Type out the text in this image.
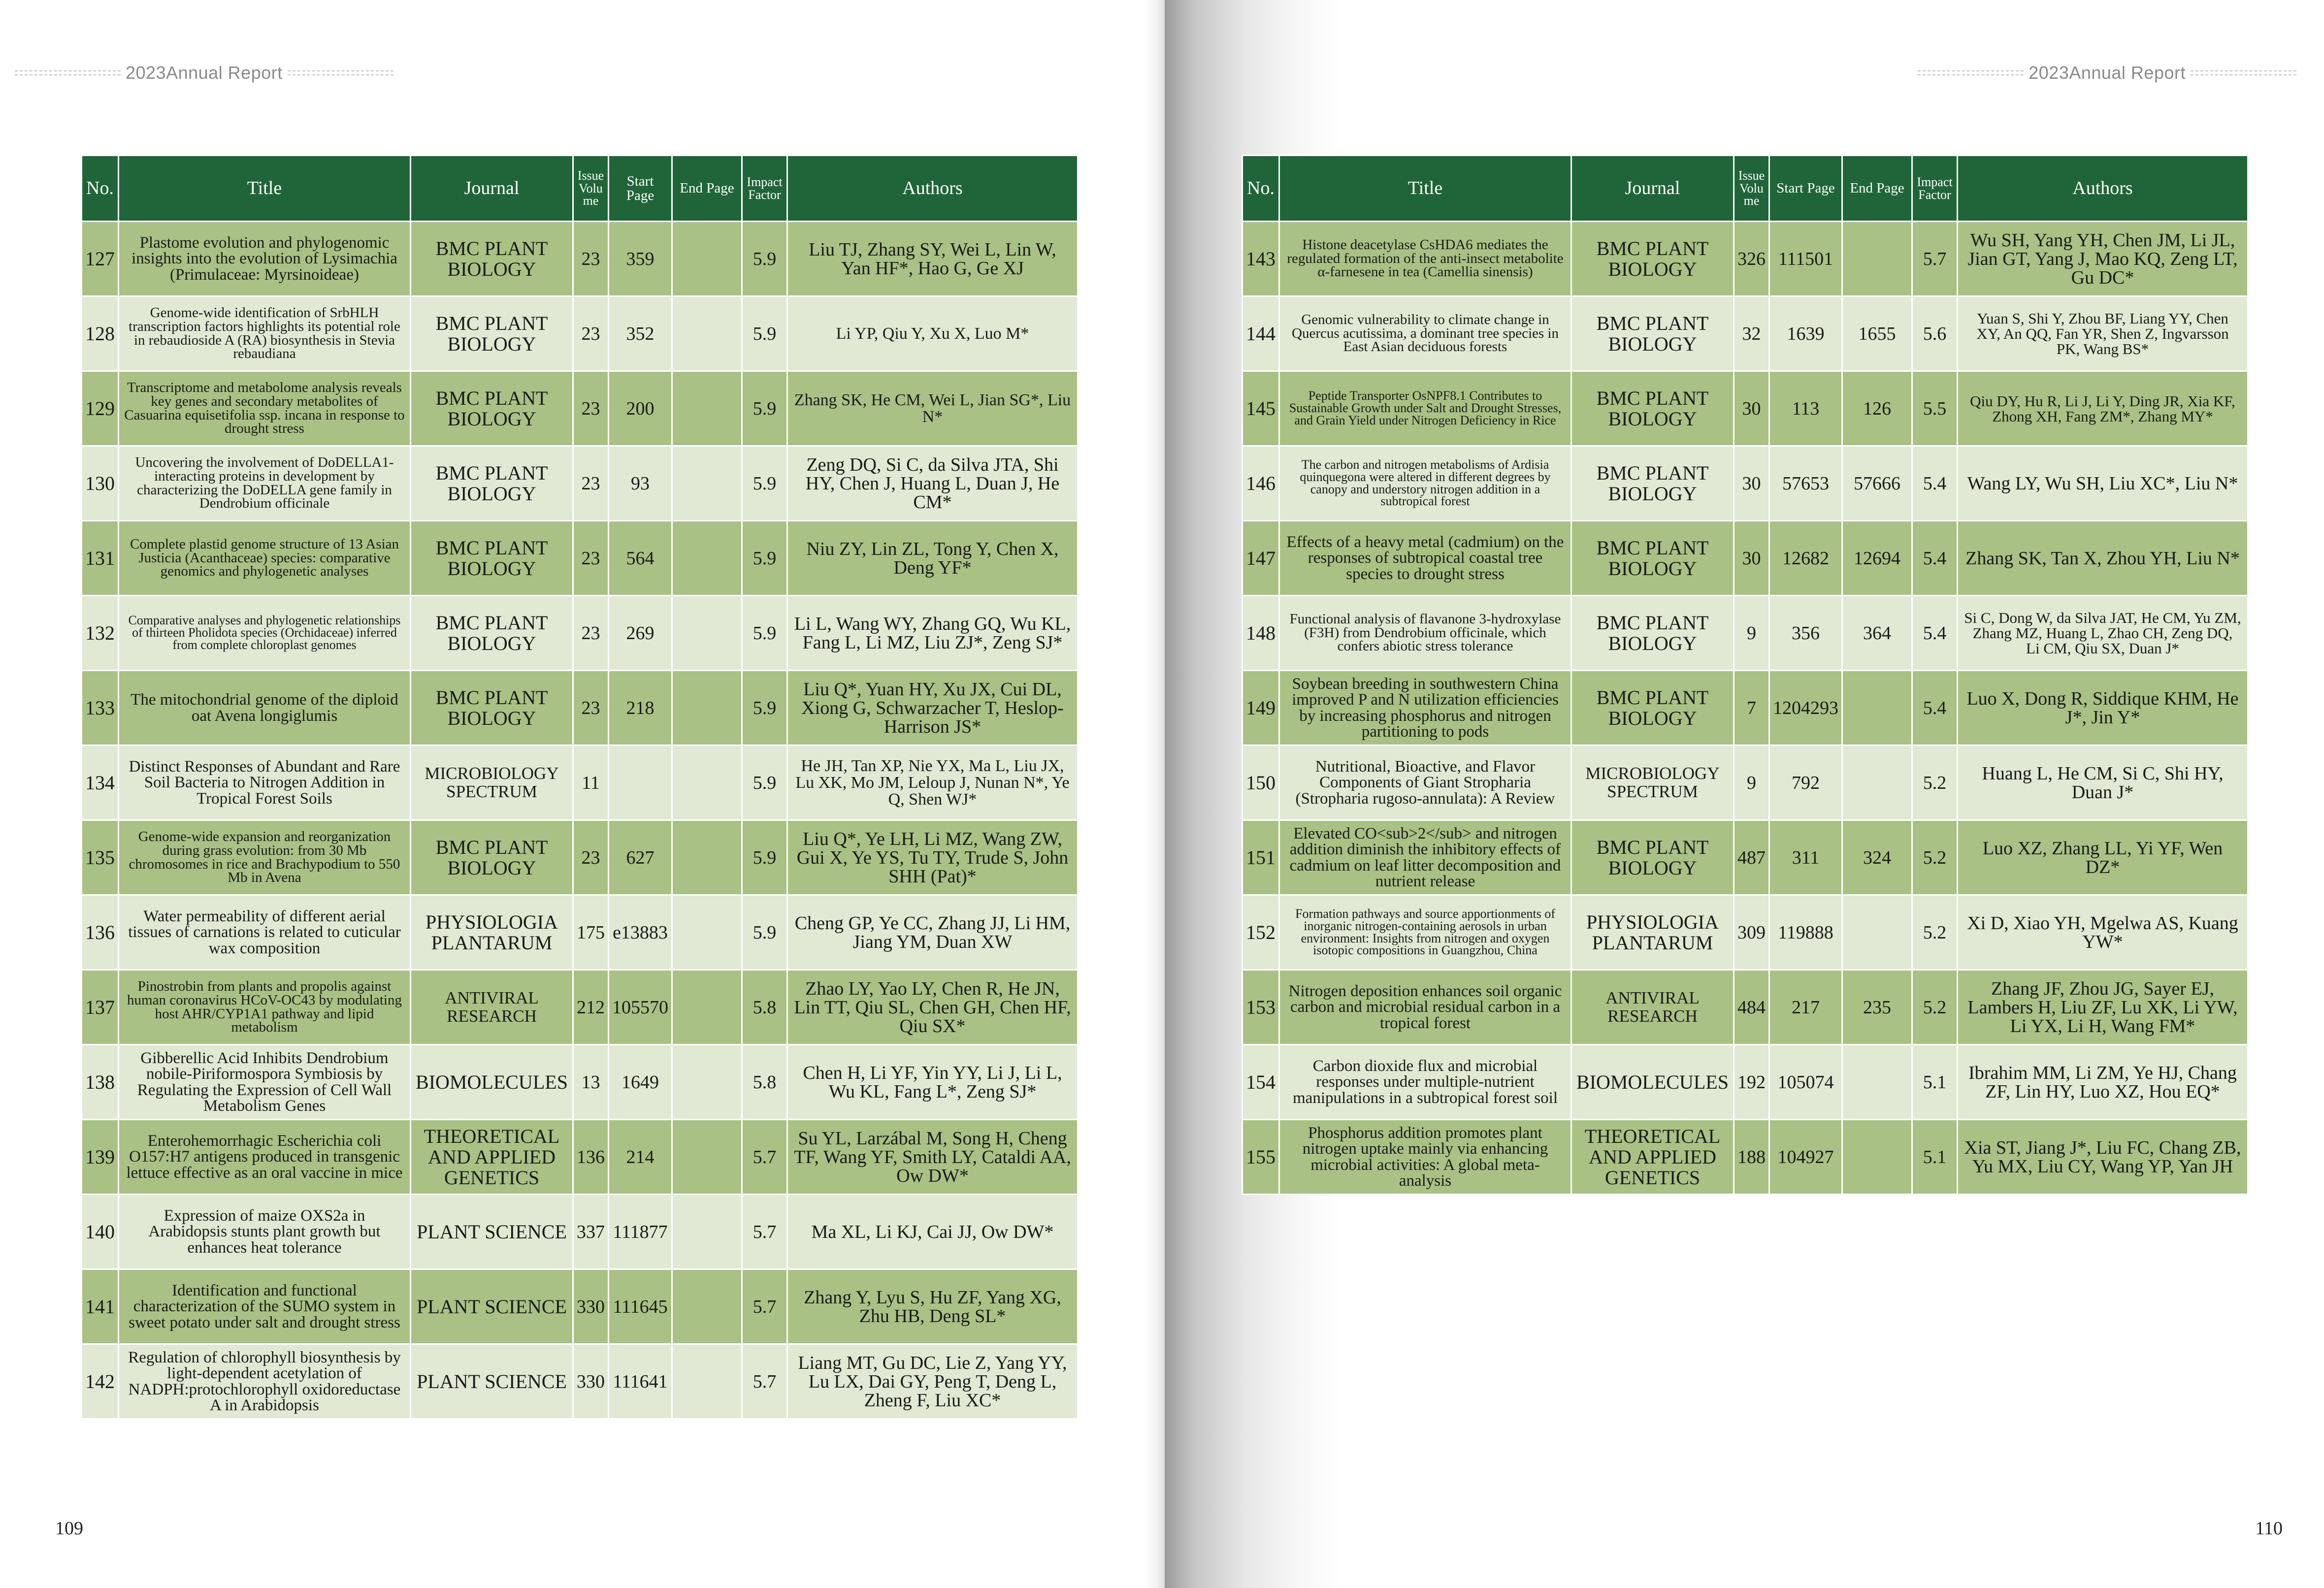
2023Annual Report
No.	Title	Journal	Issue Volu me	Start Page	End Page	Impact Factor	Authors
127	Plastome evolution and phylogenomic insights into the evolution of Lysimachia (Primulaceae: Myrsinoideae)	BMC PLANT BIOLOGY	23	359		5.9	Liu TJ, Zhang SY, Wei L, Lin W, Yan HF*, Hao G, Ge XJ
128	Genome-wide identification of SrbHLH transcription factors highlights its potential role in rebaudioside A (RA) biosynthesis in Stevia rebaudiana	BMC PLANT BIOLOGY	23	352		5.9	Li YP, Qiu Y, Xu X, Luo M*
129	Transcriptome and metabolome analysis reveals key genes and secondary metabolites of Casuarina equisetifolia ssp. incana in response to drought stress	BMC PLANT BIOLOGY	23	200		5.9	Zhang SK, He CM, Wei L, Jian SG*, Liu N*
130	Uncovering the involvement of DoDELLA1-interacting proteins in development by characterizing the DoDELLA gene family in Dendrobium officinale	BMC PLANT BIOLOGY	23	93		5.9	Zeng DQ, Si C, da Silva JTA, Shi HY, Chen J, Huang L, Duan J, He CM*
131	Complete plastid genome structure of 13 Asian Justicia (Acanthaceae) species: comparative genomics and phylogenetic analyses	BMC PLANT BIOLOGY	23	564		5.9	Niu ZY, Lin ZL, Tong Y, Chen X, Deng YF*
132	Comparative analyses and phylogenetic relationships of thirteen Pholidota species (Orchidaceae) inferred from complete chloroplast genomes	BMC PLANT BIOLOGY	23	269		5.9	Li L, Wang WY, Zhang GQ, Wu KL, Fang L, Li MZ, Liu ZJ*, Zeng SJ*
133	The mitochondrial genome of the diploid oat Avena longiglumis	BMC PLANT BIOLOGY	23	218		5.9	Liu Q*, Yuan HY, Xu JX, Cui DL, Xiong G, Schwarzacher T, Heslop-Harrison JS*
134	Distinct Responses of Abundant and Rare Soil Bacteria to Nitrogen Addition in Tropical Forest Soils	MICROBIOLOGY SPECTRUM	11			5.9	He JH, Tan XP, Nie YX, Ma L, Liu JX, Lu XK, Mo JM, Leloup J, Nunan N*, Ye Q, Shen WJ*
135	Genome-wide expansion and reorganization during grass evolution: from 30 Mb chromosomes in rice and Brachypodium to 550 Mb in Avena	BMC PLANT BIOLOGY	23	627		5.9	Liu Q*, Ye LH, Li MZ, Wang ZW, Gui X, Ye YS, Tu TY, Trude S, John SHH (Pat)*
136	Water permeability of different aerial tissues of carnations is related to cuticular wax composition	PHYSIOLOGIA PLANTARUM	175	e13883		5.9	Cheng GP, Ye CC, Zhang JJ, Li HM, Jiang YM, Duan XW
137	Pinostrobin from plants and propolis against human coronavirus HCoV-OC43 by modulating host AHR/CYP1A1 pathway and lipid metabolism	ANTIVIRAL RESEARCH	212	105570		5.8	Zhao LY, Yao LY, Chen R, He JN, Lin TT, Qiu SL, Chen GH, Chen HF, Qiu SX*
138	Gibberellic Acid Inhibits Dendrobium nobile-Piriformospora Symbiosis by Regulating the Expression of Cell Wall Metabolism Genes	BIOMOLECULES	13	1649		5.8	Chen H, Li YF, Yin YY, Li J, Li L, Wu KL, Fang L*, Zeng SJ*
139	Enterohemorrhagic Escherichia coli O157:H7 antigens produced in transgenic lettuce effective as an oral vaccine in mice	THEORETICAL AND APPLIED GENETICS	136	214		5.7	Su YL, Larzábal M, Song H, Cheng TF, Wang YF, Smith LY, Cataldi AA, Ow DW*
140	Expression of maize OXS2a in Arabidopsis stunts plant growth but enhances heat tolerance	PLANT SCIENCE	337	111877		5.7	Ma XL, Li KJ, Cai JJ, Ow DW*
141	Identification and functional characterization of the SUMO system in sweet potato under salt and drought stress	PLANT SCIENCE	330	111645		5.7	Zhang Y, Lyu S, Hu ZF, Yang XG, Zhu HB, Deng SL*
142	Regulation of chlorophyll biosynthesis by light-dependent acetylation of NADPH:protochlorophyll oxidoreductase A in Arabidopsis	PLANT SCIENCE	330	111641		5.7	Liang MT, Gu DC, Lie Z, Yang YY, Lu LX, Dai GY, Peng T, Deng L, Zheng F, Liu XC*
109
2023Annual Report
No.	Title	Journal	Issue Volu me	Start Page	End Page	Impact Factor	Authors
143	Histone deacetylase CsHDA6 mediates the regulated formation of the anti-insect metabolite α-farnesene in tea (Camellia sinensis)	BMC PLANT BIOLOGY	326	111501		5.7	Wu SH, Yang YH, Chen JM, Li JL, Jian GT, Yang J, Mao KQ, Zeng LT, Gu DC*
144	Genomic vulnerability to climate change in Quercus acutissima, a dominant tree species in East Asian deciduous forests	BMC PLANT BIOLOGY	32	1639	1655	5.6	Yuan S, Shi Y, Zhou BF, Liang YY, Chen XY, An QQ, Fan YR, Shen Z, Ingvarsson PK, Wang BS*
145	Peptide Transporter OsNPF8.1 Contributes to Sustainable Growth under Salt and Drought Stresses, and Grain Yield under Nitrogen Deficiency in Rice	BMC PLANT BIOLOGY	30	113	126	5.5	Qiu DY, Hu R, Li J, Li Y, Ding JR, Xia KF, Zhong XH, Fang ZM*, Zhang MY*
146	The carbon and nitrogen metabolisms of Ardisia quinquegona were altered in different degrees by canopy and understory nitrogen addition in a subtropical forest	BMC PLANT BIOLOGY	30	57653	57666	5.4	Wang LY, Wu SH, Liu XC*, Liu N*
147	Effects of a heavy metal (cadmium) on the responses of subtropical coastal tree species to drought stress	BMC PLANT BIOLOGY	30	12682	12694	5.4	Zhang SK, Tan X, Zhou YH, Liu N*
148	Functional analysis of flavanone 3-hydroxylase (F3H) from Dendrobium officinale, which confers abiotic stress tolerance	BMC PLANT BIOLOGY	9	356	364	5.4	Si C, Dong W, da Silva JAT, He CM, Yu ZM, Zhang MZ, Huang L, Zhao CH, Zeng DQ, Li CM, Qiu SX, Duan J*
149	Soybean breeding in southwestern China improved P and N utilization efficiencies by increasing phosphorus and nitrogen partitioning to pods	BMC PLANT BIOLOGY	7	1204293		5.4	Luo X, Dong R, Siddique KHM, He J*, Jin Y*
150	Nutritional, Bioactive, and Flavor Components of Giant Stropharia (Stropharia rugoso-annulata): A Review	MICROBIOLOGY SPECTRUM	9	792		5.2	Huang L, He CM, Si C, Shi HY, Duan J*
151	Elevated CO<sub>2</sub> and nitrogen addition diminish the inhibitory effects of cadmium on leaf litter decomposition and nutrient release	BMC PLANT BIOLOGY	487	311	324	5.2	Luo XZ, Zhang LL, Yi YF, Wen DZ*
152	Formation pathways and source apportionments of inorganic nitrogen-containing aerosols in urban environment: Insights from nitrogen and oxygen isotopic compositions in Guangzhou, China	PHYSIOLOGIA PLANTARUM	309	119888		5.2	Xi D, Xiao YH, Mgelwa AS, Kuang YW*
153	Nitrogen deposition enhances soil organic carbon and microbial residual carbon in a tropical forest	ANTIVIRAL RESEARCH	484	217	235	5.2	Zhang JF, Zhou JG, Sayer EJ, Lambers H, Liu ZF, Lu XK, Li YW, Li YX, Li H, Wang FM*
154	Carbon dioxide flux and microbial responses under multiple-nutrient manipulations in a subtropical forest soil	BIOMOLECULES	192	105074		5.1	Ibrahim MM, Li ZM, Ye HJ, Chang ZF, Lin HY, Luo XZ, Hou EQ*
155	Phosphorus addition promotes plant nitrogen uptake mainly via enhancing microbial activities: A global meta-analysis	THEORETICAL AND APPLIED GENETICS	188	104927		5.1	Xia ST, Jiang J*, Liu FC, Chang ZB, Yu MX, Liu CY, Wang YP, Yan JH
110
